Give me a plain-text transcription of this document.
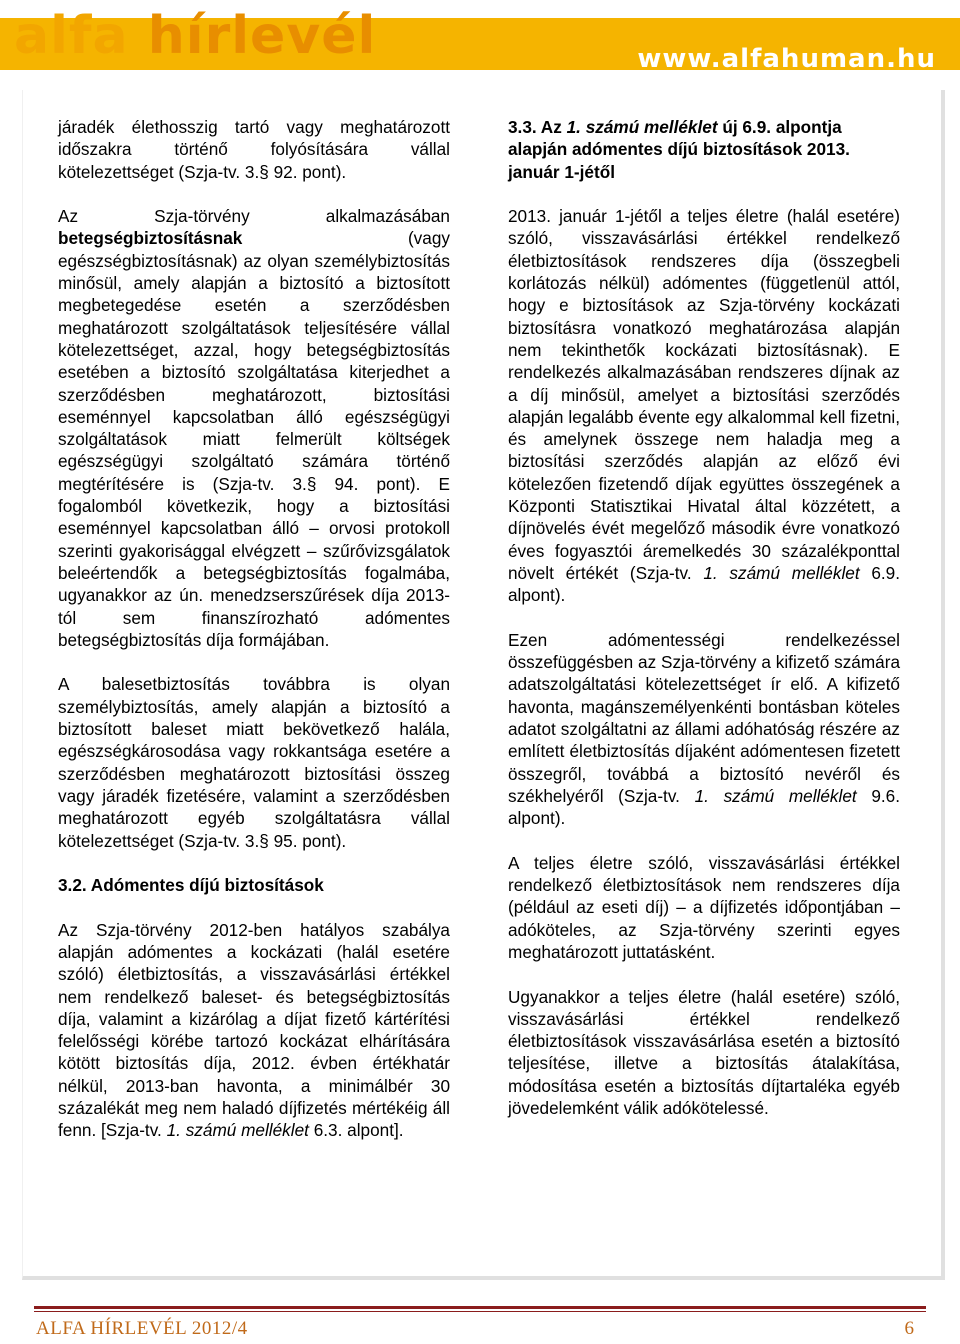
www.alfahuman.hu
alfa hírlevél

járadék élethosszig tartó vagy meghatározott időszakra történő folyósítására vállal kötelezettséget (Szja-tv. 3.§ 92. pont).

Az Szja-törvény alkalmazásában betegségbiztosításnak (vagy egészségbiztosításnak) az olyan személybiztosítás minősül, amely alapján a biztosító a biztosított megbetegedése esetén a szerződésben meghatározott szolgáltatások teljesítésére vállal kötelezettséget, azzal, hogy betegségbiztosítás esetében a biztosító szolgáltatása kiterjedhet a szerződésben meghatározott, biztosítási eseménnyel kapcsolatban álló egészségügyi szolgáltatások miatt felmerült költségek egészségügyi szolgáltató számára történő megtérítésére is (Szja-tv. 3.§ 94. pont). E fogalomból következik, hogy a biztosítási eseménnyel kapcsolatban álló – orvosi protokoll szerinti gyakorisággal elvégzett – szűrővizsgálatok beleértendők a betegségbiztosítás fogalmába, ugyanakkor az ún. menedzserszűrések díja 2013-tól sem finanszírozható adómentes betegségbiztosítás díja formájában.

A balesetbiztosítás továbbra is olyan személybiztosítás, amely alapján a biztosító a biztosított baleset miatt bekövetkező halála, egészségkárosodása vagy rokkantsága esetére a szerződésben meghatározott biztosítási összeg vagy járadék fizetésére, valamint a szerződésben meghatározott egyéb szolgáltatásra vállal kötelezettséget (Szja-tv. 3.§ 95. pont).

3.2. Adómentes díjú biztosítások

Az Szja-törvény 2012-ben hatályos szabálya alapján adómentes a kockázati (halál esetére szóló) életbiztosítás, a visszavásárlási értékkel nem rendelkező baleset- és betegségbiztosítás díja, valamint a kizárólag a díjat fizető kártérítési felelősségi körébe tartozó kockázat elhárítására kötött biztosítás díja, 2012. évben értékhatár nélkül, 2013-ban havonta, a minimálbér 30 százalékát meg nem haladó díjfizetés mértékéig áll fenn. [Szja-tv. 1. számú melléklet 6.3. alpont].

3.3. Az 1. számú melléklet új 6.9. alpontja alapján adómentes díjú biztosítások 2013. január 1-jétől

2013. január 1-jétől a teljes életre (halál esetére) szóló, visszavásárlási értékkel rendelkező életbiztosítások rendszeres díja (összegbeli korlátozás nélkül) adómentes (függetlenül attól, hogy e biztosítások az Szja-törvény kockázati biztosításra vonatkozó meghatározása alapján nem tekinthetők kockázati biztosításnak). E rendelkezés alkalmazásában rendszeres díjnak az a díj minősül, amelyet a biztosítási szerződés alapján legalább évente egy alkalommal kell fizetni, és amelynek összege nem haladja meg a biztosítási szerződés alapján az előző évi kötelezően fizetendő díjak együttes összegének a Központi Statisztikai Hivatal által közzétett, a díjnövelés évét megelőző második évre vonatkozó éves fogyasztói áremelkedés 30 százalékponttal növelt értékét (Szja-tv. 1. számú melléklet 6.9. alpont).

Ezen adómentességi rendelkezéssel összefüggésben az Szja-törvény a kifizető számára adatszolgáltatási kötelezettséget ír elő. A kifizető havonta, magánszemélyenkénti bontásban köteles adatot szolgáltatni az állami adóhatóság részére az említett életbiztosítás díjaként adómentesen fizetett összegről, továbbá a biztosító nevéről és székhelyéről (Szja-tv. 1. számú melléklet 9.6. alpont).

A teljes életre szóló, visszavásárlási értékkel rendelkező életbiztosítások nem rendszeres díja (például az eseti díj) – a díjfizetés időpontjában – adóköteles, az Szja-törvény szerinti egyes meghatározott juttatásként.

Ugyanakkor a teljes életre (halál esetére) szóló, visszavásárlási értékkel rendelkező életbiztosítások visszavásárlása esetén a biztosító teljesítése, illetve a biztosítás átalakítása, módosítása esetén a biztosítás díjtartaléka egyéb jövedelemként válik adókötelessé.

ALFA HÍRLEVÉL 2012/4	6
